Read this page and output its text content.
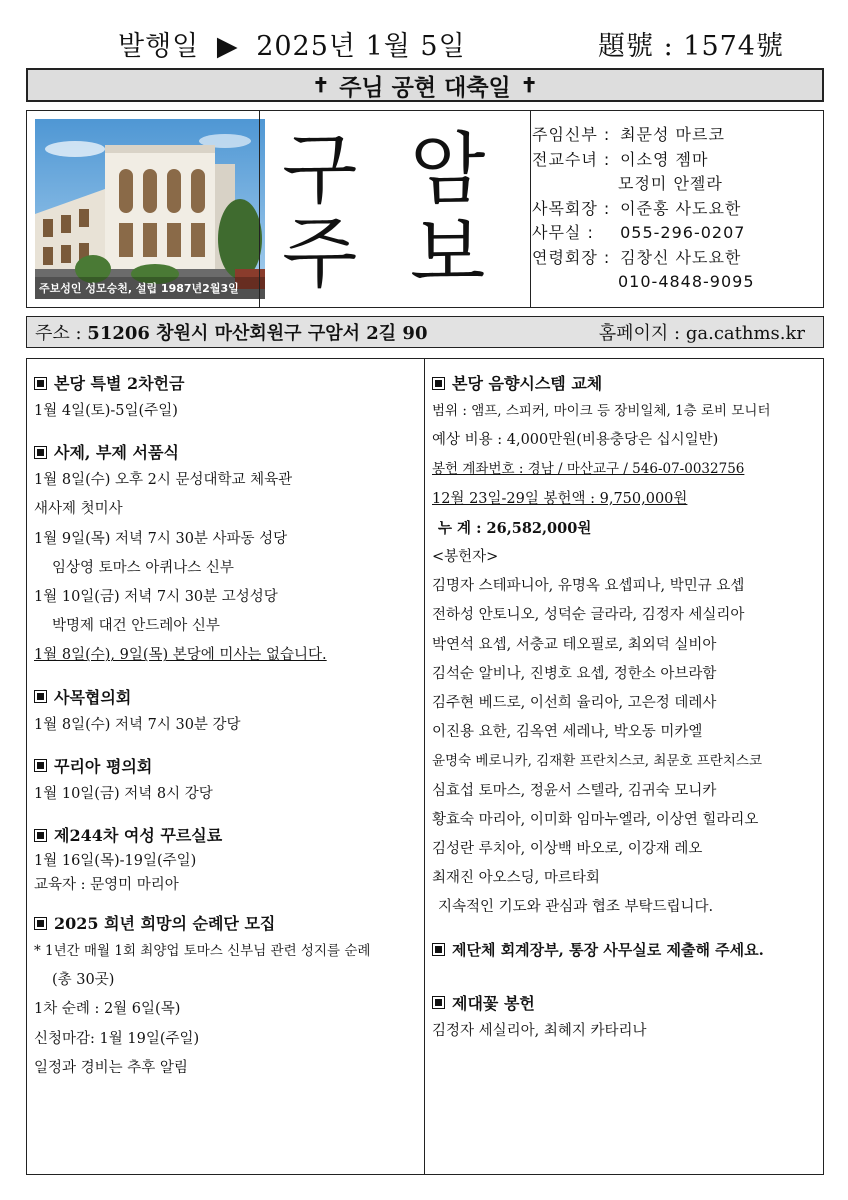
발행일 ▶ 2025년 1월 5일	題號 : 1574號
✝ 주님 공현 대축일 ✝
주보성인 성모승천, 설립 1987년2월3일
구 암
주 보
주임신부 : 최문성 마르코
전교수녀 : 이소영 젬마
모정미 안젤라
사목회장 : 이준홍 사도요한
사무실 : 055-296-0207
연령회장 : 김창신 사도요한
010-4848-9095
주소 : 51206 창원시 마산회원구 구암서 2길 90	홈페이지 : ga.cathms.kr
본당 특별 2차헌금
1월 4일(토)-5일(주일)
사제, 부제 서품식
1월 8일(수) 오후 2시 문성대학교 체육관
새사제 첫미사
1월 9일(목) 저녁 7시 30분 사파동 성당
임상영 토마스 아퀴나스 신부
1월 10일(금) 저녁 7시 30분 고성성당
박명제 대건 안드레아 신부
1월 8일(수), 9일(목) 본당에 미사는 없습니다.
사목협의회
1월 8일(수) 저녁 7시 30분 강당
꾸리아 평의회
1월 10일(금) 저녁 8시 강당
제244차 여성 꾸르실료
1월 16일(목)-19일(주일)
교육자 : 문영미 마리아
2025 희년 희망의 순례단 모집
* 1년간 매월 1회 최양업 토마스 신부님 관련 성지를 순례
(총 30곳)
1차 순례 : 2월 6일(목)
신청마감: 1월 19일(주일)
일정과 경비는 추후 알림
본당 음향시스템 교체
범위 : 앰프, 스피커, 마이크 등 장비일체, 1층 로비 모니터
예상 비용 : 4,000만원(비용충당은 십시일반)
봉헌 계좌번호 : 경남 / 마산교구 / 546-07-0032756
12월 23일-29일 봉헌액 : 9,750,000원
누 계 : 26,582,000원
<봉헌자>
김명자 스테파니아, 유명옥 요셉피나, 박민규 요셉
전하성 안토니오, 성덕순 글라라, 김정자 세실리아
박연석 요셉, 서충교 테오필로, 최외덕 실비아
김석순 알비나, 진병호 요셉, 정한소 아브라함
김주현 베드로, 이선희 율리아, 고은정 데레사
이진용 요한, 김옥연 세레나, 박오동 미카엘
윤명숙 베로니카, 김재환 프란치스코, 최문호 프란치스코
심효섭 토마스, 정윤서 스텔라, 김귀숙 모니카
황효숙 마리아, 이미화 임마누엘라, 이상연 힐라리오
김성란 루치아, 이상백 바오로, 이강재 레오
최재진 아오스딩, 마르타회
지속적인 기도와 관심과 협조 부탁드립니다.
제단체 회계장부, 통장 사무실로 제출해 주세요.
제대꽃 봉헌
김정자 세실리아, 최혜지 카타리나
